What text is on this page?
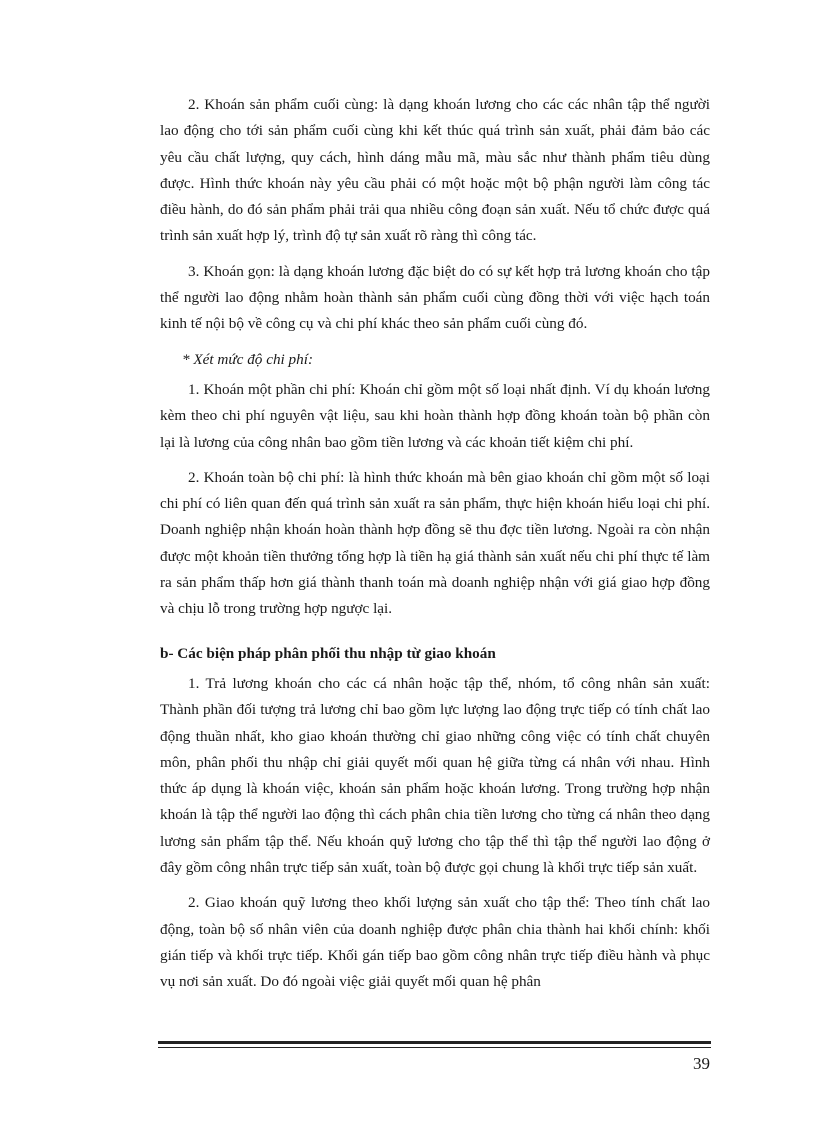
2. Khoán sản phẩm cuối cùng: là dạng khoán lương cho các các nhân tập thể người lao động cho tới sản phẩm cuối cùng khi kết thúc quá trình sản xuất, phải đảm bảo các yêu cầu chất lượng, quy cách, hình dáng mẫu mã, màu sắc như thành phẩm tiêu dùng được. Hình thức khoán này yêu cầu phải có một hoặc một bộ phận người làm công tác điều hành, do đó sản phẩm phải trải qua nhiều công đoạn sản xuất. Nếu tổ chức được quá trình sản xuất hợp lý, trình độ tự sản xuất rõ ràng thì công tác.

3. Khoán gọn: là dạng khoán lương đặc biệt do có sự kết hợp trả lương khoán cho tập thể người lao động nhằm hoàn thành sản phẩm cuối cùng đồng thời với việc hạch toán kinh tế nội bộ về công cụ và chi phí khác theo sản phẩm cuối cùng đó.

* Xét mức độ chi phí:

1. Khoán một phần chi phí: Khoán chỉ gồm một số loại nhất định. Ví dụ khoán lương kèm theo chi phí nguyên vật liệu, sau khi hoàn thành hợp đồng khoán toàn bộ phần còn lại là lương của công nhân bao gồm tiền lương và các khoản tiết kiệm chi phí.

2. Khoán toàn bộ chi phí: là hình thức khoán mà bên giao khoán chỉ gồm một số loại chi phí có liên quan đến quá trình sản xuất ra sản phẩm, thực hiện khoán hiểu loại chi phí. Doanh nghiệp nhận khoán hoàn thành hợp đồng sẽ thu đợc tiền lương. Ngoài ra còn nhận được một khoản tiền thưởng tổng hợp là tiền hạ giá thành sản xuất nếu chi phí thực tế làm ra sản phẩm thấp hơn giá thành thanh toán mà doanh nghiệp nhận với giá giao hợp đồng và chịu lỗ trong trường hợp ngược lại.

b- Các biện pháp phân phối thu nhập từ giao khoán

1. Trả lương khoán cho các cá nhân hoặc tập thể, nhóm, tổ công nhân sản xuất: Thành phần đối tượng trả lương chỉ bao gồm lực lượng lao động trực tiếp có tính chất lao động thuần nhất, kho giao khoán thường chỉ giao những công việc có tính chất chuyên môn, phân phối thu nhập chỉ giải quyết mối quan hệ giữa từng cá nhân với nhau. Hình thức áp dụng là khoán việc, khoán sản phẩm hoặc khoán lương. Trong trường hợp nhận khoán là tập thể người lao động thì cách phân chia tiền lương cho từng cá nhân theo dạng lương sản phẩm tập thể. Nếu khoán quỹ lương cho tập thể thì tập thể người lao động ở đây gồm công nhân trực tiếp sản xuất, toàn bộ được gọi chung là khối trực tiếp sản xuất.

2. Giao khoán quỹ lương theo khối lượng sản xuất cho tập thể: Theo tính chất lao động, toàn bộ số nhân viên của doanh nghiệp được phân chia thành hai khối chính: khối gián tiếp và khối trực tiếp. Khối gán tiếp bao gồm công nhân trực tiếp điều hành và phục vụ nơi sản xuất. Do đó ngoài việc giải quyết mối quan hệ phân

39
